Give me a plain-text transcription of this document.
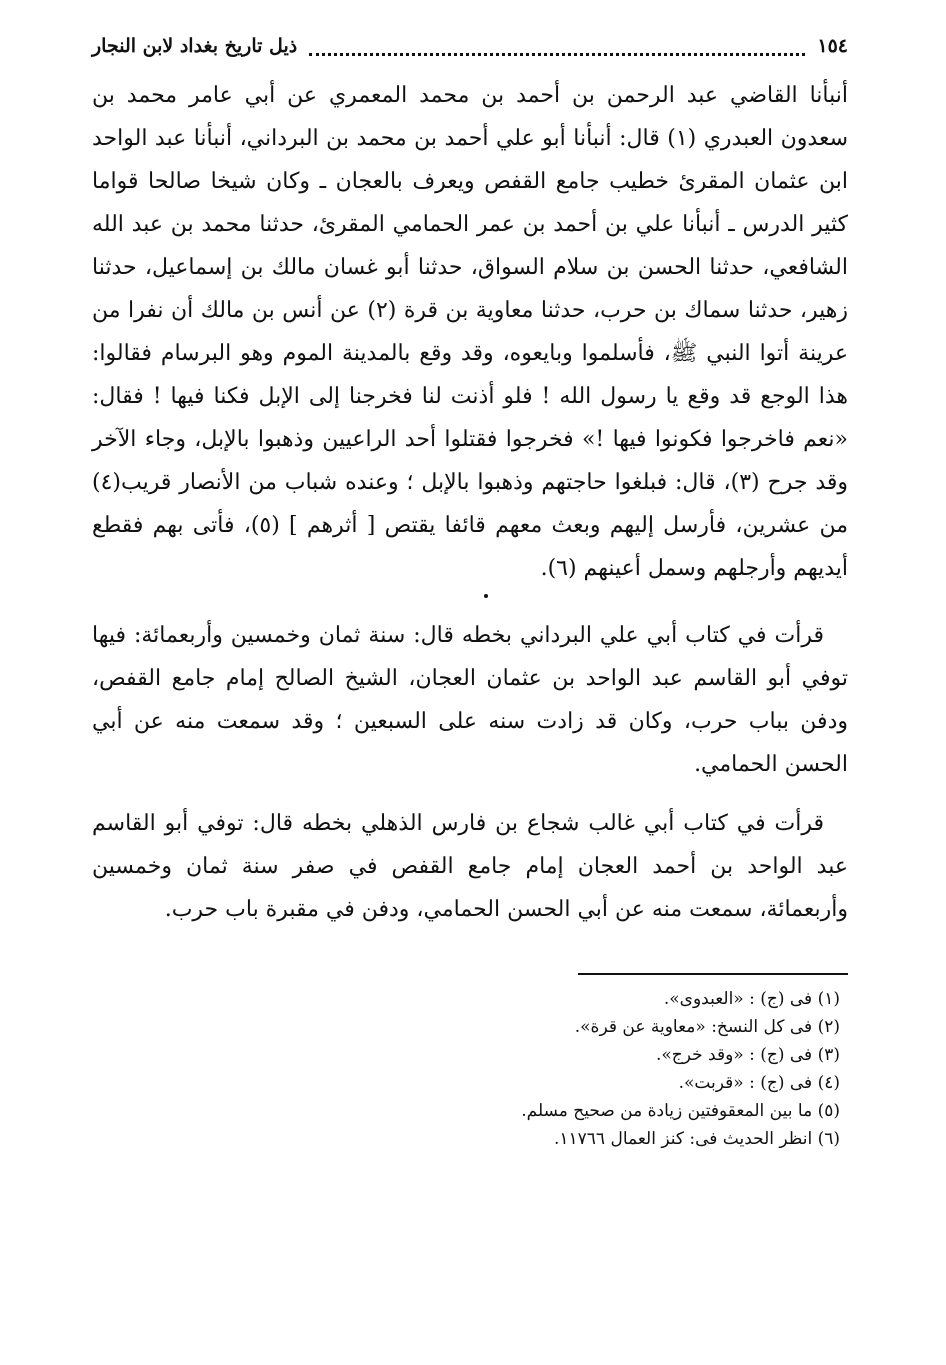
١٥٤
ذيل تاريخ بغداد لابن النجار

أنبأنا القاضي عبد الرحمن بن أحمد بن محمد المعمري عن أبي عامر محمد بن سعدون العبدري (١) قال: أنبأنا أبو علي أحمد بن محمد بن البرداني، أنبأنا عبد الواحد ابن عثمان المقرئ خطيب جامع القفص ويعرف بالعجان ـ وكان شيخا صالحا قواما كثير الدرس ـ أنبأنا علي بن أحمد بن عمر الحمامي المقرئ، حدثنا محمد بن عبد الله الشافعي، حدثنا الحسن بن سلام السواق، حدثنا أبو غسان مالك بن إسماعيل، حدثنا زهير، حدثنا سماك بن حرب، حدثنا معاوية بن قرة (٢) عن أنس بن مالك أن نفرا من عرينة أتوا النبي ﷺ، فأسلموا وبايعوه، وقد وقع بالمدينة الموم وهو البرسام فقالوا: هذا الوجع قد وقع يا رسول الله ! فلو أذنت لنا فخرجنا إلى الإبل فكنا فيها ! فقال: «نعم فاخرجوا فكونوا فيها !» فخرجوا فقتلوا أحد الراعيين وذهبوا بالإبل، وجاء الآخر وقد جرح (٣)، قال: فبلغوا حاجتهم وذهبوا بالإبل ؛ وعنده شباب من الأنصار قريب(٤) من عشرين، فأرسل إليهم وبعث معهم قائفا يقتص [ أثرهم ] (٥)، فأتى بهم فقطع أيديهم وأرجلهم وسمل أعينهم (٦).

قرأت في كتاب أبي علي البرداني بخطه قال: سنة ثمان وخمسين وأربعمائة: فيها توفي أبو القاسم عبد الواحد بن عثمان العجان، الشيخ الصالح إمام جامع القفص، ودفن بباب حرب، وكان قد زادت سنه على السبعين ؛ وقد سمعت منه عن أبي الحسن الحمامي.

قرأت في كتاب أبي غالب شجاع بن فارس الذهلي بخطه قال: توفي أبو القاسم عبد الواحد بن أحمد العجان إمام جامع القفص في صفر سنة ثمان وخمسين وأربعمائة، سمعت منه عن أبي الحسن الحمامي، ودفن في مقبرة باب حرب.

(١) فى (ج) : «العبدوى».

(٢) فى كل النسخ: «معاوية عن قرة».

(٣) فى (ج) : «وقد خرج».

(٤) فى (ج) : «قربت».

(٥) ما بين المعقوفتين زيادة من صحيح مسلم.

(٦) انظر الحديث فى: كنز العمال ١١٧٦٦.
